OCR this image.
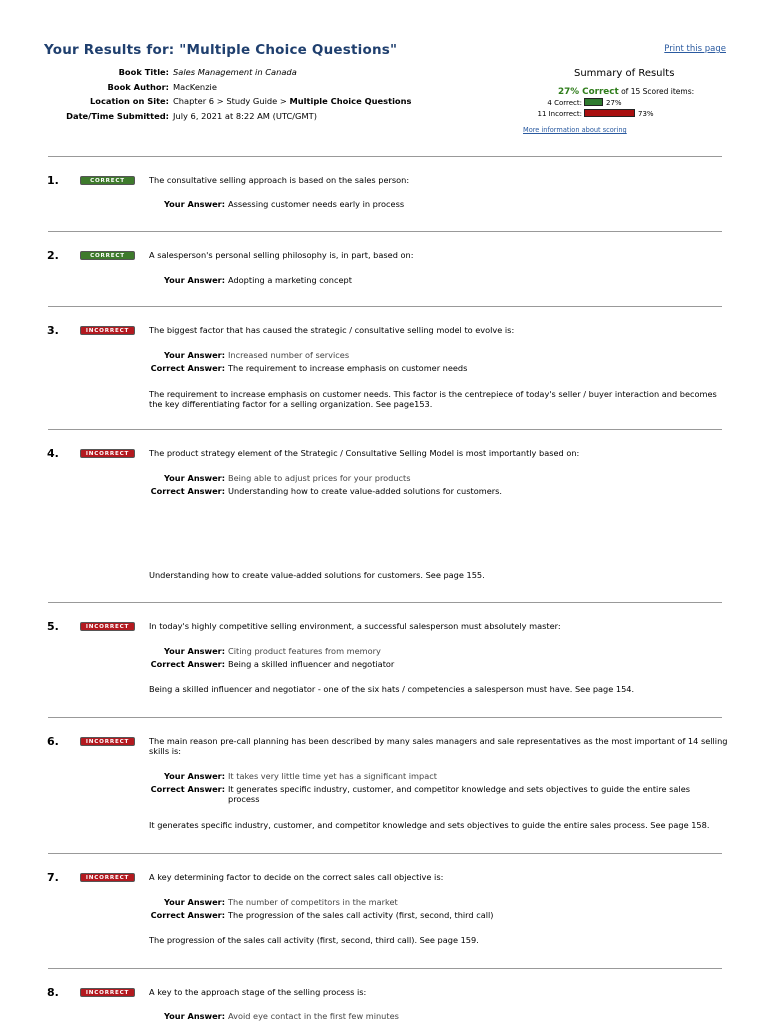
Your Results for: "Multiple Choice Questions"	Print this page
Book Title: Sales Management in Canada
Book Author: MacKenzie
Location on Site: Chapter 6 > Study Guide > Multiple Choice Questions
Date/Time Submitted: July 6, 2021 at 8:22 AM (UTC/GMT)
Summary of Results
27% Correct of 15 Scored items:
4 Correct:	27%
11 Incorrect:	73%
More information about scoring
1.	CORRECT	The consultative selling approach is based on the sales person:
Your Answer: Assessing customer needs early in process
2.	CORRECT	A salesperson's personal selling philosophy is, in part, based on:
Your Answer: Adopting a marketing concept
3.	INCORRECT	The biggest factor that has caused the strategic / consultative selling model to evolve is:
Your Answer: Increased number of services
Correct Answer: The requirement to increase emphasis on customer needs
The requirement to increase emphasis on customer needs. This factor is the centrepiece of today's seller / buyer interaction and becomes the key differentiating factor for a selling organization. See page153.
4.	INCORRECT	The product strategy element of the Strategic / Consultative Selling Model is most importantly based on:
Your Answer: Being able to adjust prices for your products
Correct Answer: Understanding how to create value-added solutions for customers.
Understanding how to create value-added solutions for customers. See page 155.
5.	INCORRECT	In today's highly competitive selling environment, a successful salesperson must absolutely master:
Your Answer: Citing product features from memory
Correct Answer: Being a skilled influencer and negotiator
Being a skilled influencer and negotiator - one of the six hats / competencies a salesperson must have. See page 154.
6.	INCORRECT	The main reason pre-call planning has been described by many sales managers and sale representatives as the most important of 14 selling skills is:
Your Answer: It takes very little time yet has a significant impact
Correct Answer: It generates specific industry, customer, and competitor knowledge and sets objectives to guide the entire sales process
It generates specific industry, customer, and competitor knowledge and sets objectives to guide the entire sales process. See page 158.
7.	INCORRECT	A key determining factor to decide on the correct sales call objective is:
Your Answer: The number of competitors in the market
Correct Answer: The progression of the sales call activity (first, second, third call)
The progression of the sales call activity (first, second, third call). See page 159.
8.	INCORRECT	A key to the approach stage of the selling process is:
Your Answer: Avoid eye contact in the first few minutes
